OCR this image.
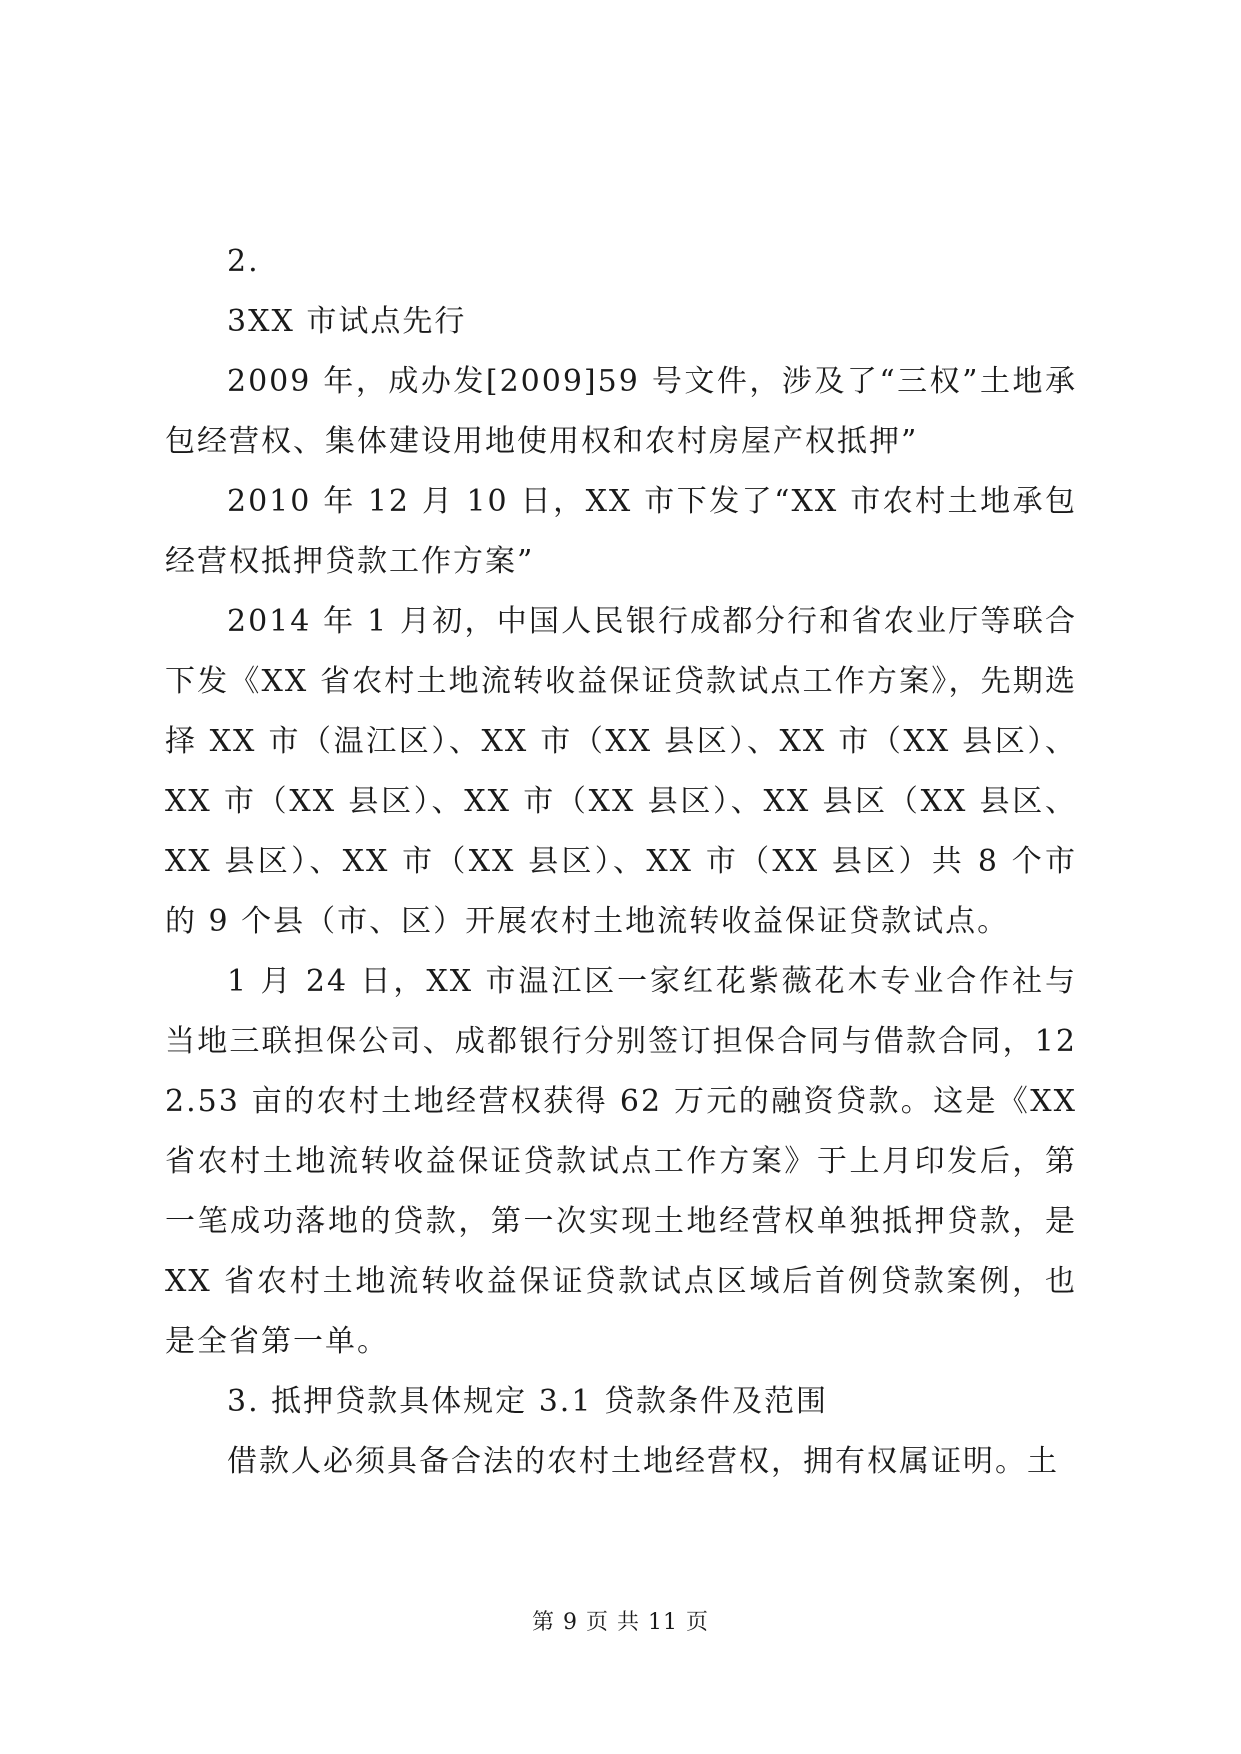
2.

3XX 市试点先行

2009 年，成办发[2009]59 号文件，涉及了“三权”土地承包经营权、集体建设用地使用权和农村房屋产权抵押”

2010 年 12 月 10 日，XX 市下发了“XX 市农村土地承包经营权抵押贷款工作方案”

2014 年 1 月初，中国人民银行成都分行和省农业厅等联合下发《XX 省农村土地流转收益保证贷款试点工作方案》，先期选择 XX 市（温江区）、XX 市（XX 县区）、XX 市（XX 县区）、XX 市（XX 县区）、XX 市（XX 县区）、XX 县区（XX 县区、XX 县区）、XX 市（XX 县区）、XX 市（XX 县区）共 8 个市的 9 个县（市、区）开展农村土地流转收益保证贷款试点。

1 月 24 日，XX 市温江区一家红花紫薇花木专业合作社与当地三联担保公司、成都银行分别签订担保合同与借款合同，122.53 亩的农村土地经营权获得 62 万元的融资贷款。这是《XX 省农村土地流转收益保证贷款试点工作方案》于上月印发后，第一笔成功落地的贷款，第一次实现土地经营权单独抵押贷款，是 XX 省农村土地流转收益保证贷款试点区域后首例贷款案例，也是全省第一单。

3. 抵押贷款具体规定 3.1 贷款条件及范围

借款人必须具备合法的农村土地经营权，拥有权属证明。土

第 9 页 共 11 页
